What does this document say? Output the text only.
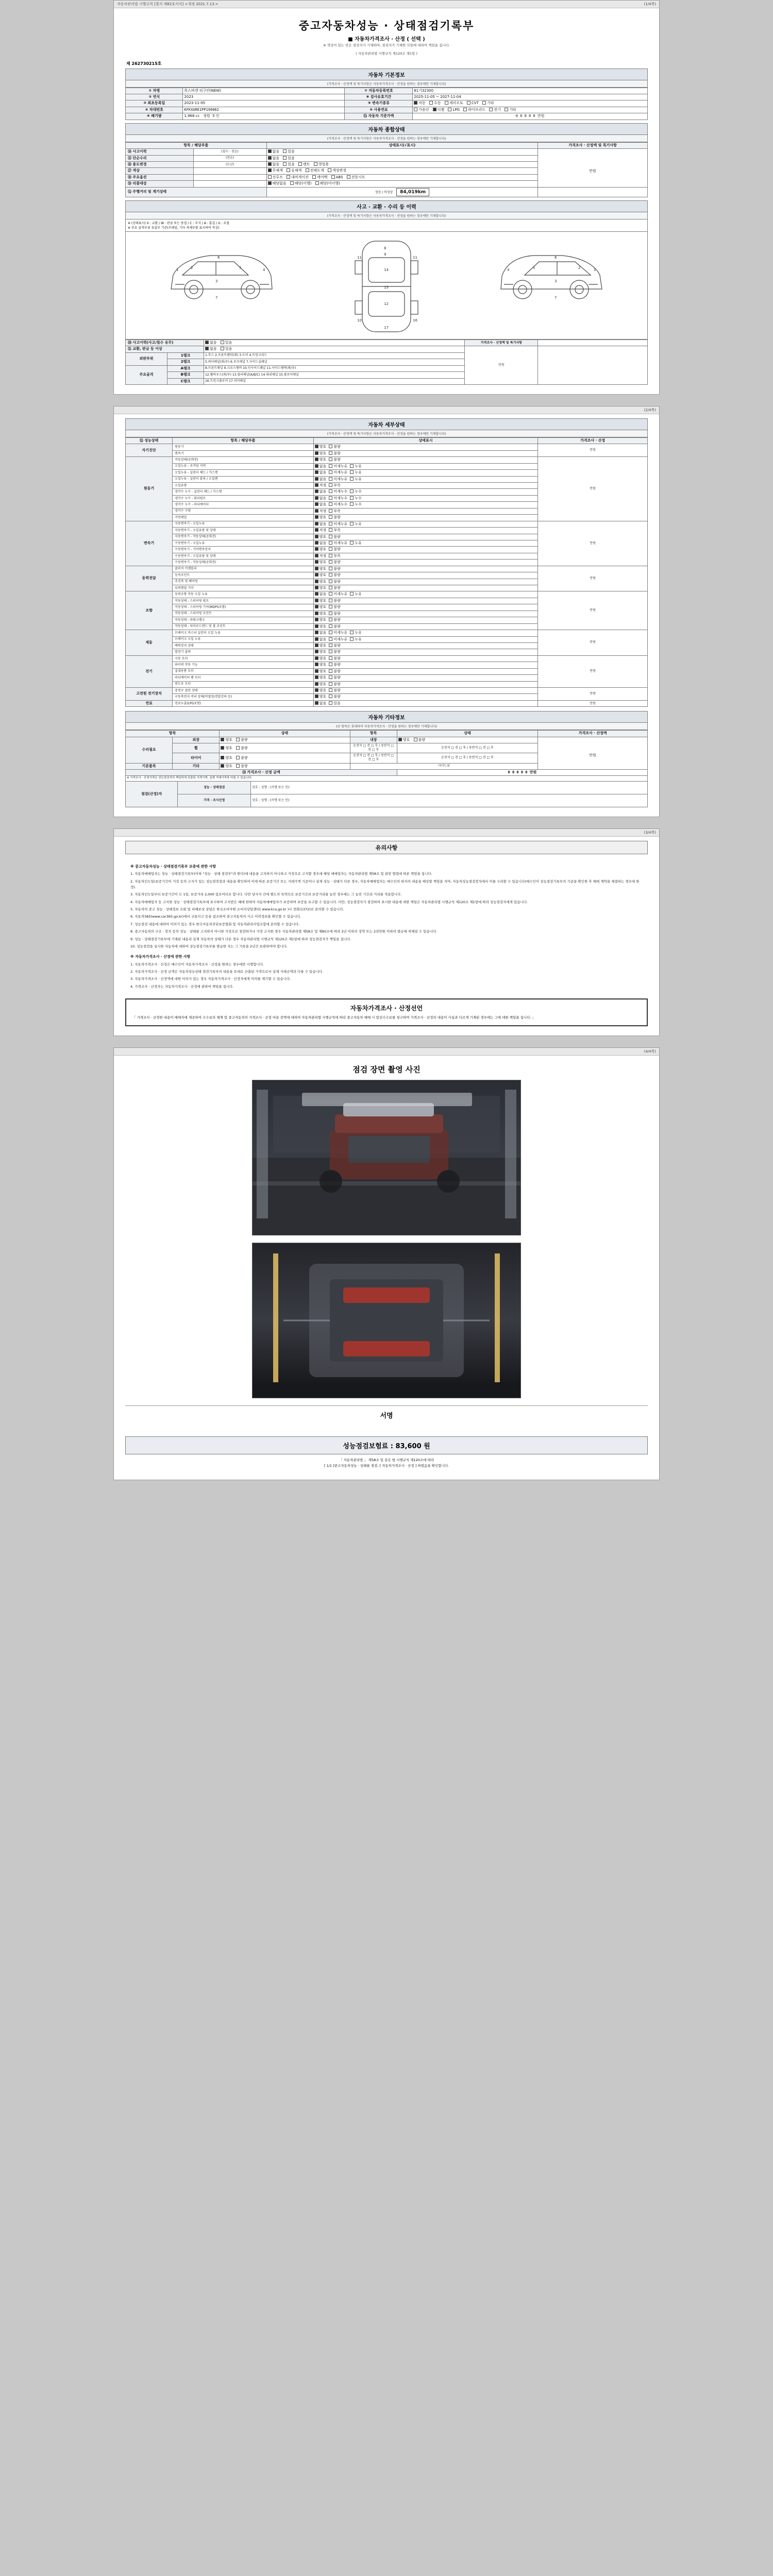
자동차관리법 시행규칙 [별지 제82호서식] <개정 2021.7.13.>	(1/4쪽)
중고자동차성능 · 상태점검기록부
■ 자동차가격조사 · 산정 ( 선택 )
※ 색상이 있는 란은 점검자가 기재하며, 점검자가 기재한 사항에 대하여 책임을 집니다.
( 자동차관리법 시행규칙 제120조 제1항 )
제 262730215호
자동차 기본정보
(가격조사 · 산정액 및 특기사항은 자동차가격조사 · 산정을 원하는 경우에만 기재합니다)
① 차명	폭스바겐 티구안(NEW)	⑦ 자동차등록번호	81기32300
② 연식	2023	⑧ 검사유효기간	2025-11-05 ~ 2027-11-04
③ 최초등록일	2023-11-05	⑨ 변속기종류	자동 수동 세미오토 CVT 기타
④ 차대번호	KFKXARE1PP190062	⑤ 사용연료	가솔린 디젤 LPG 하이브리드 전기 기타
⑥ 배기량	1,968 cc 정원 5 인	⑬ 자동차 기준가액	0 0 0 0 0 만원
자동차 종합상태
(가격조사 · 산정액 및 특기사항은 자동차가격조사 · 산정을 원하는 경우에만 기재합니다)
항목 / 해당부품		상태표시(√표시)	가격조사 · 산정액 및 특기사항
⑭ 사고이력	(침수 · 전손)	없음 있음	만원

⑮ 단순수리	(전손)	없음 있음	
⑯ 용도변경	(도난)	없음 있음 렌트 영업용	
⑰ 색상		무채색 유채색 전체도색 색상변경	
⑱ 주요옵션		선루프 내비게이션 에어백 ABS 전동시트	
⑲ 리콜대상		해당없음 해당(이행) 해당(미이행)	
⑫ 주행거리 및 계기상태	정상 / 비정상 84,019km	
사고 · 교환 · 수리 등 이력
(가격조사 · 산정액 및 특기사항은 자동차가격조사 · 산정을 원하는 경우에만 기재합니다)
※ (상태표시) X : 교환 / W : 판금 또는 용접 / C : 부식 / A : 흠집 / U : 요철
※ 주요 골격부위 유출부 기준(프레임, 기타 차체부품 표시하여 작성)
1	2
3
5	4
6
7
8
9
14
15
12
17
11	11
10	16
1
2
3
5
4
6
7
⑳ 사고이력(사고/침수 유무)		없음 있음	가격조사 · 산정액 및 특기사항	
㉑ 교환, 판금 등 이상		없음 있음	만원	
외판부위	1랭크	1.후드 2.프론트펜더(좌) 3.도어 4.트렁크리드		
	2랭크	5.쿼터패널(좌/우) 6.루프패널 7.사이드실패널		
주요골격	A랭크	8.프론트패널 9.크로스멤버 10.인사이드패널 11.사이드멤버(좌/우)		
	B랭크	12.휠하우스(좌/우) 13.필러패널(A/B/C) 14.대쉬패널 15.플로어패널		
	C랭크	16.트렁크플로어 17.리어패널		
(2/4쪽)
자동차 세부상태
(가격조사 · 산정액 및 특기사항은 자동차가격조사 · 산정을 원하는 경우에만 기재합니다)
㉒ 성능상태	항목 / 해당부품	상태표시	가격조사 · 산정
자기진단	원동기	양호 불량	만원
	변속기	양호 불량	
원동기	작동상태(공회전)	양호 불량	만원
	오일누유 - 로커암 커버	없음 미세누유 누유	
	오일누유 - 실린더 헤드 / 가스켓	없음 미세누유 누유	
	오일누유 - 실린더 블록 / 오일팬	없음 미세누유 누유	
	오일유량	적정 부족	
	냉각수 누수 - 실린더 헤드 / 가스켓	없음 미세누수 누수	
	냉각수 누수 - 워터펌프	없음 미세누수 누수	
	냉각수 누수 - 라디에이터	없음 미세누수 누수	
	냉각수 수량	적정 부족	
	커먼레일	양호 불량	
변속기	자동변속기 - 오일누유	없음 미세누유 누유	만원
	자동변속기 - 오일유량 및 상태	적정 부족	
	자동변속기 - 작동상태(공회전)	양호 불량	
	수동변속기 - 오일누유	없음 미세누유 누유	
	수동변속기 - 기어변속장치	양호 불량	
	수동변속기 - 오일유량 및 상태	적정 부족	
	수동변속기 - 작동상태(공회전)	양호 불량	
동력전달	클러치 어셈블리	양호 불량	만원
	등속조인트	양호 불량	
	추진축 및 베어링	양호 불량	
	디퍼렌셜 기어	양호 불량	
조향	동력조향 작동 오일 누유	없음 미세누유 누유	만원
	작동상태 - 스티어링 펌프	양호 불량	
	작동상태 - 스티어링 기어(MDPS포함)	양호 불량	
	작동상태 - 스티어링 조인트	양호 불량	
	작동상태 - 파워크랭크	양호 불량	
	작동상태 - 타이로드엔드 및 볼 조인트	양호 불량	
제동	브레이크 마스터 실린더 오일 누유	없음 미세누유 누유	만원
	브레이크 오일 누유	없음 미세누유 누유	
	배력장치 상태	양호 불량	
	발전기 출력	양호 불량	
전기	시동 모터	양호 불량	만원
	와이퍼 작동 기능	양호 불량	
	실내송풍 모터	양호 불량	
	라디에이터 팬 모터	양호 불량	
	윈도우 모터	양호 불량	
고전원 전기장치	충전구 절연 상태	양호 불량	만원
	구동축전지 격리 상태(비절연/전압강하 등)	양호 불량	
연료	연료누출(LPG포함)	없음 있음	만원
자동차 기타정보
(㉓ 항목은 휴대하여 자동차가격조사 · 산정을 원하는 경우에만 기재합니다)
항목		상태	항목	상태	가격조사 · 산정액
수리필요	외장	양호 불량	내장	양호 불량	만원
	휠	양호 불량	운전석 □ 전 □ 후 / 동반석 □ 전 □ 후	운전석 □ 전 □ 후 / 동반석 □ 전 □ 후	
	타이어	양호 불량	운전석 □ 전 □ 후 / 동반석 □ 전 □ 후	운전석 □ 전 □ 후 / 동반석 □ 전 □ 후	
기본품목	기타	양호 불량	사이드뷰		
㉔ 가격조사 · 산정 금액	0 0 0 0 0 만원
※ 가격조사 · 산정가격은 성능점검자의 책임하에 산출된 가격이며, 실제 거래가격과 다를 수 있습니다.
점검(산정)자	성능 · 상태점검	상호 : 성명 : (서명 또는 인)
	가격 · 조사산정	상호 : 성명 : (서명 또는 인)
(3/4쪽)
유의사항
※ 중고자동차성능 · 상태점검기록부 보증에 관한 사항

1. 자동차매매업자는 성능 · 상태점검기록부(이하 "성능 · 상태 점검부"라 한다)에 내용을 고지하지 아니하고 거짓으로 고지할 경우에 해당 매매업자는 자동차관리법 제58조 및 관련 법령에 따른 책임을 집니다.

2. 자동차인도일(보증기간이 거짓 등의 고지가 있는 성능점검장과 내용을 확인하여 이에 따른 보증기간 또는 거래가액 기준이나 실제 성능 · 상태가 다른 경우, 자동차매매업자는 매수인의 하자의 내용을 배상할 책임을 지며, 자동차성능점검장치에서 이를 수리할 수 있습니다(매수인이 성능점검기록부의 기준을 확인한 후 매매 계약을 체결하는 경우에 한정).

3. 자동차인도일부터 보증기간이 도 1일, 보증거리 2,000 킬로미터로 합니다. 다만 당사자 간에 별도의 특약으로 보증기간과 보증거리를 늘린 경우에는 그 늘린 기간과 거리를 적용합니다.

4. 자동차매매업자 등 고지한 성능 · 상태점검기록부에 표시하여 고지받은 때에 한하여 자동차매매업자가 보증하며 보증을 요구할 수 있습니다. 다만, 성능점검자가 점검하여 표시한 내용에 대한 책임은 자동차관리법 시행규칙 제120조 제1항에 따라 성능점검자에게 있습니다.

5. 자동차의 중고 성능 · 상태정보 조회 및 피해보상 상담은 한국소비자원 소비자상담센터( www.kca.go.kr )나 전화(1372)로 문의할 수 있습니다.

6. 자동차365(www.car365.go.kr)에서 교통사고 등을 참조하여 중고자동차의 사고 이력정보를 확인할 수 있습니다.

7. 성능점검 내용에 대하여 이의가 있는 경우 한국자동차진단보증협회 및 자동차관리사업조합에 문의할 수 있습니다.

8. 중고자동차의 구조 · 장치 등의 성능 · 상태를 고지하지 아니한 거짓으로 점검하거나 거짓 고지한 경우 자동차관리법 제58조 및 제80조에 따라 2년 이하의 징역 또는 2천만원 이하의 벌금에 처해질 수 있습니다.

9. 성능 · 상태점검기록부에 기재된 내용과 실제 자동차의 상태가 다른 경우 자동차관리법 시행규칙 제120조 제1항에 따라 성능점검자가 책임을 집니다.

10. 성능점검을 실시한 자동차에 대하여 성능점검기록부를 발급한 자는 그 기록을 2년간 보관하여야 합니다.

※ 자동차가격조사 · 산정에 관한 사항

1. 자동차가격조사 · 산정은 매수인이 자동차가격조사 · 산정을 원하는 경우에만 시행합니다.

2. 자동차가격조사 · 산정 금액은 자동차성능상태 점검기록부의 내용을 토대로 산출된 가격으로서 실제 거래금액과 다를 수 있습니다.

3. 자동차가격조사 · 산정액에 대한 이의가 있는 경우 자동차가격조사 · 산정자에게 이의를 제기할 수 있습니다.

4. 가격조사 · 산정자는 자동차가격조사 · 산정에 관하여 책임을 집니다.

자동차가격조사 · 산정선언
「 가격조사 · 산정한 내용이 매매자에 제공하여 수수료의 체계 및 중고자동차의 가격조사 · 산정 비용 전액에 대하여 자동차관리법 시행규칙에 따라 중고자동차 매매 시 알선수수료를 청구하며 가격조사 · 산정의 내용이 사실과 다르게 기재된 경우에는 그에 대한 책임을 집니다. 」
(4/4쪽)
점검 장면 촬영 사진
서명
성능점검보험료 : 83,600 원
「 자동차관리법 」 제58조 및 같은 법 시행규칙 제120조에 따라
[ 1/1 ]중고자동차성능 · 상태를 점검, [ 자동차가격조사 · 산정 ] 하였음을 확인합니다.
